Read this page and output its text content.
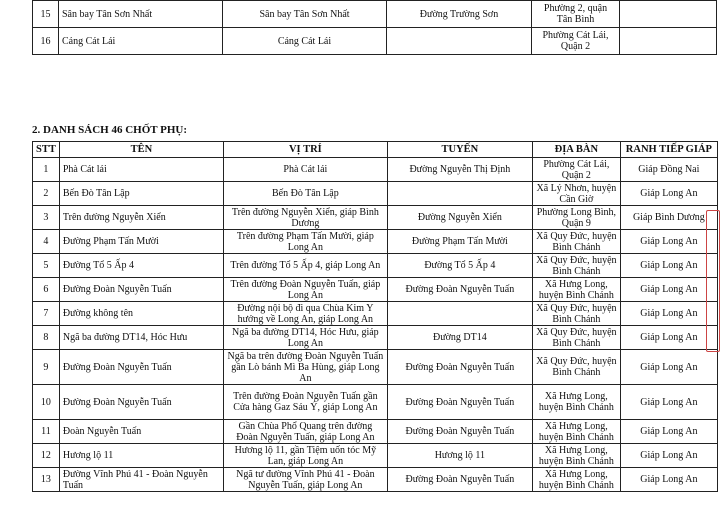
15	Sân bay Tân Sơn Nhất	Sân bay Tân Sơn Nhất	Đường Trường Sơn	Phường 2, quận Tân Bình	
16	Cảng Cát Lái	Cảng Cát Lái		Phường Cát Lái, Quận 2	
2. DANH SÁCH 46 CHỐT PHỤ:
STT	TÊN	VỊ TRÍ	TUYẾN	ĐỊA BÀN	RANH TIẾP GIÁP
1	Phà Cát lái	Phà Cát lái	Đường Nguyễn Thị Định	Phường Cát Lái, Quận 2	Giáp Đồng Nai
2	Bến Đò Tân Lập	Bến Đò Tân Lập		Xã Lý Nhơn, huyện Cần Giờ	Giáp Long An
3	Trên đường Nguyễn Xiển	Trên đường Nguyễn Xiển, giáp Bình Dương	Đường Nguyễn Xiển	Phường Long Bình, Quận 9	Giáp Bình Dương
4	Đường Phạm Tấn Mười	Trên đường Phạm Tấn Mười, giáp Long An	Đường Phạm Tấn Mười	Xã Quy Đức, huyện Bình Chánh	Giáp Long An
5	Đường Tổ 5 Ấp 4	Trên đường Tổ 5 Ấp 4, giáp Long An	Đường Tổ 5 Ấp 4	Xã Quy Đức, huyện Bình Chánh	Giáp Long An
6	Đường Đoàn Nguyễn Tuấn	Trên đường Đoàn Nguyễn Tuấn, giáp Long An	Đường Đoàn Nguyễn Tuấn	Xã Hưng Long, huyện Bình Chánh	Giáp Long An
7	Đường không tên	Đường nội bộ đi qua Chùa Kim Y hướng về Long An, giáp Long An		Xã Quy Đức, huyện Bình Chánh	Giáp Long An
8	Ngã ba đường DT14, Hóc Hưu	Ngã ba đường DT14, Hóc Hưu, giáp Long An	Đường DT14	Xã Quy Đức, huyện Bình Chánh	Giáp Long An
9	Đường Đoàn Nguyễn Tuấn	Ngã ba trên đường Đoàn Nguyễn Tuấn gần Lò bánh Mì Ba Hùng, giáp Long An	Đường Đoàn Nguyễn Tuấn	Xã Quy Đức, huyện Bình Chánh	Giáp Long An
10	Đường Đoàn Nguyễn Tuấn	Trên đường Đoàn Nguyễn Tuấn gần Cửa hàng Gaz Sáu Ý, giáp Long An	Đường Đoàn Nguyễn Tuấn	Xã Hưng Long, huyện Bình Chánh	Giáp Long An
11	Đoàn Nguyễn Tuấn	Gần Chùa Phổ Quang trên đường Đoàn Nguyễn Tuấn, giáp Long An	Đường Đoàn Nguyễn Tuấn	Xã Hưng Long, huyện Bình Chánh	Giáp Long An
12	Hương lộ 11	Hương lộ 11, gần Tiệm uốn tóc Mỹ Lan, giáp Long An	Hương lộ 11	Xã Hưng Long, huyện Bình Chánh	Giáp Long An
13	Đường Vĩnh Phú 41 - Đoàn Nguyễn Tuấn	Ngã tư đường Vĩnh Phú 41 - Đoàn Nguyễn Tuấn, giáp Long An	Đường Đoàn Nguyễn Tuấn	Xã Hưng Long, huyện Bình Chánh	Giáp Long An
